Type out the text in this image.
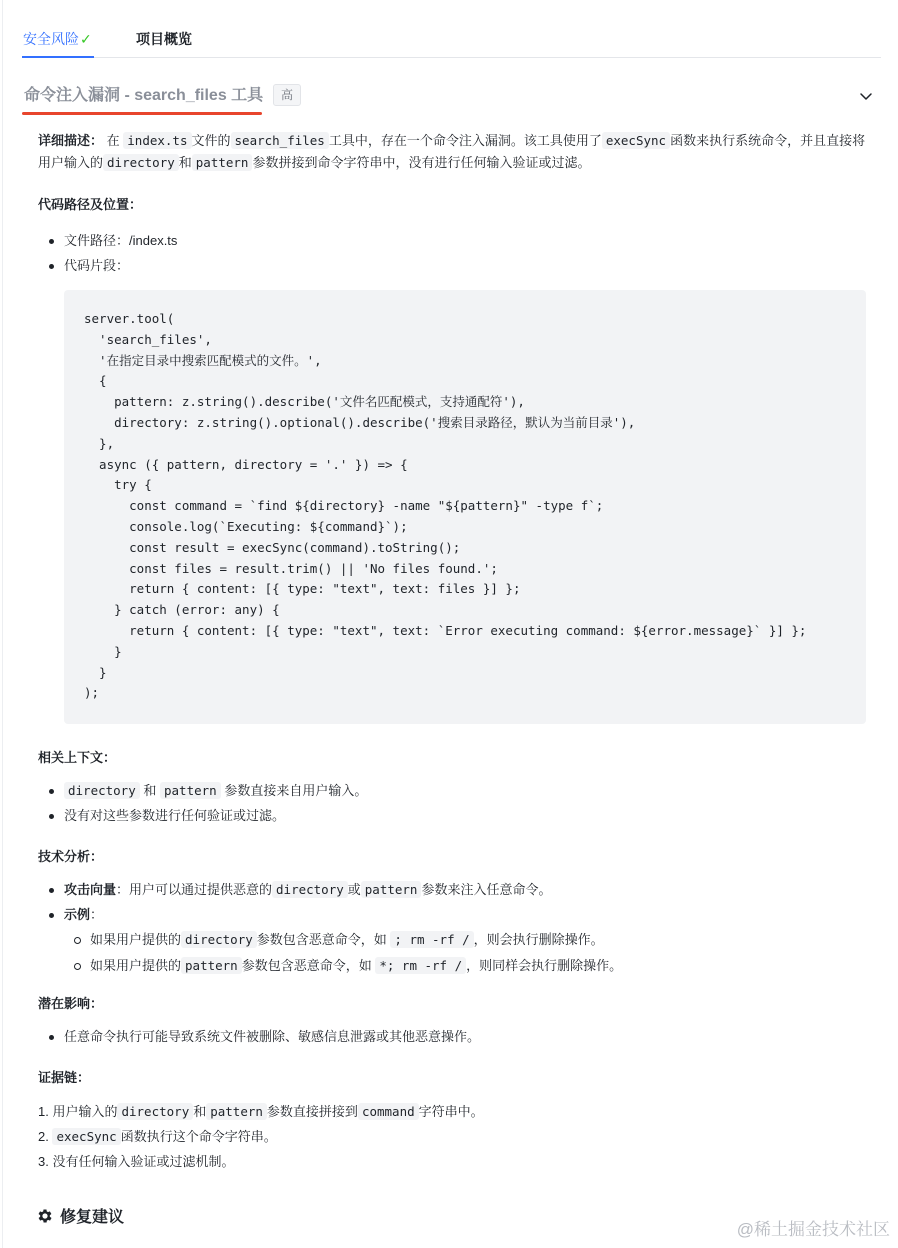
安全风险✓	项目概览
命令注入漏洞 - search_files 工具	高
详细描述： 在 index.ts 文件的 search_files 工具中，存在一个命令注入漏洞。该工具使用了 execSync 函数来执行系统命令，并且直接将用户输入的 directory 和 pattern 参数拼接到命令字符串中，没有进行任何输入验证或过滤。
代码路径及位置：
文件路径：/index.ts
代码片段：
server.tool(
'search_files',
'在指定目录中搜索匹配模式的文件。',
{
pattern: z.string().describe('文件名匹配模式，支持通配符'),
directory: z.string().optional().describe('搜索目录路径，默认为当前目录'),
},
async ({ pattern, directory = '.' }) => {
try {
const command = `find ${directory} -name "${pattern}" -type f`;
console.log(`Executing: ${command}`);
const result = execSync(command).toString();
const files = result.trim() || 'No files found.';
return { content: [{ type: "text", text: files }] };
} catch (error: any) {
return { content: [{ type: "text", text: `Error executing command: ${error.message}` }] };
}
}
);
相关上下文：
directory 和 pattern 参数直接来自用户输入。
没有对这些参数进行任何验证或过滤。
技术分析：
攻击向量：用户可以通过提供恶意的 directory 或 pattern 参数来注入任意命令。
示例：
如果用户提供的 directory 参数包含恶意命令，如 ; rm -rf / ，则会执行删除操作。
如果用户提供的 pattern 参数包含恶意命令，如 *; rm -rf / ，则同样会执行删除操作。
潜在影响：
任意命令执行可能导致系统文件被删除、敏感信息泄露或其他恶意操作。
证据链：
1. 用户输入的 directory 和 pattern 参数直接拼接到 command 字符串中。
2. execSync 函数执行这个命令字符串。
3. 没有任何输入验证或过滤机制。
修复建议
@稀土掘金技术社区
